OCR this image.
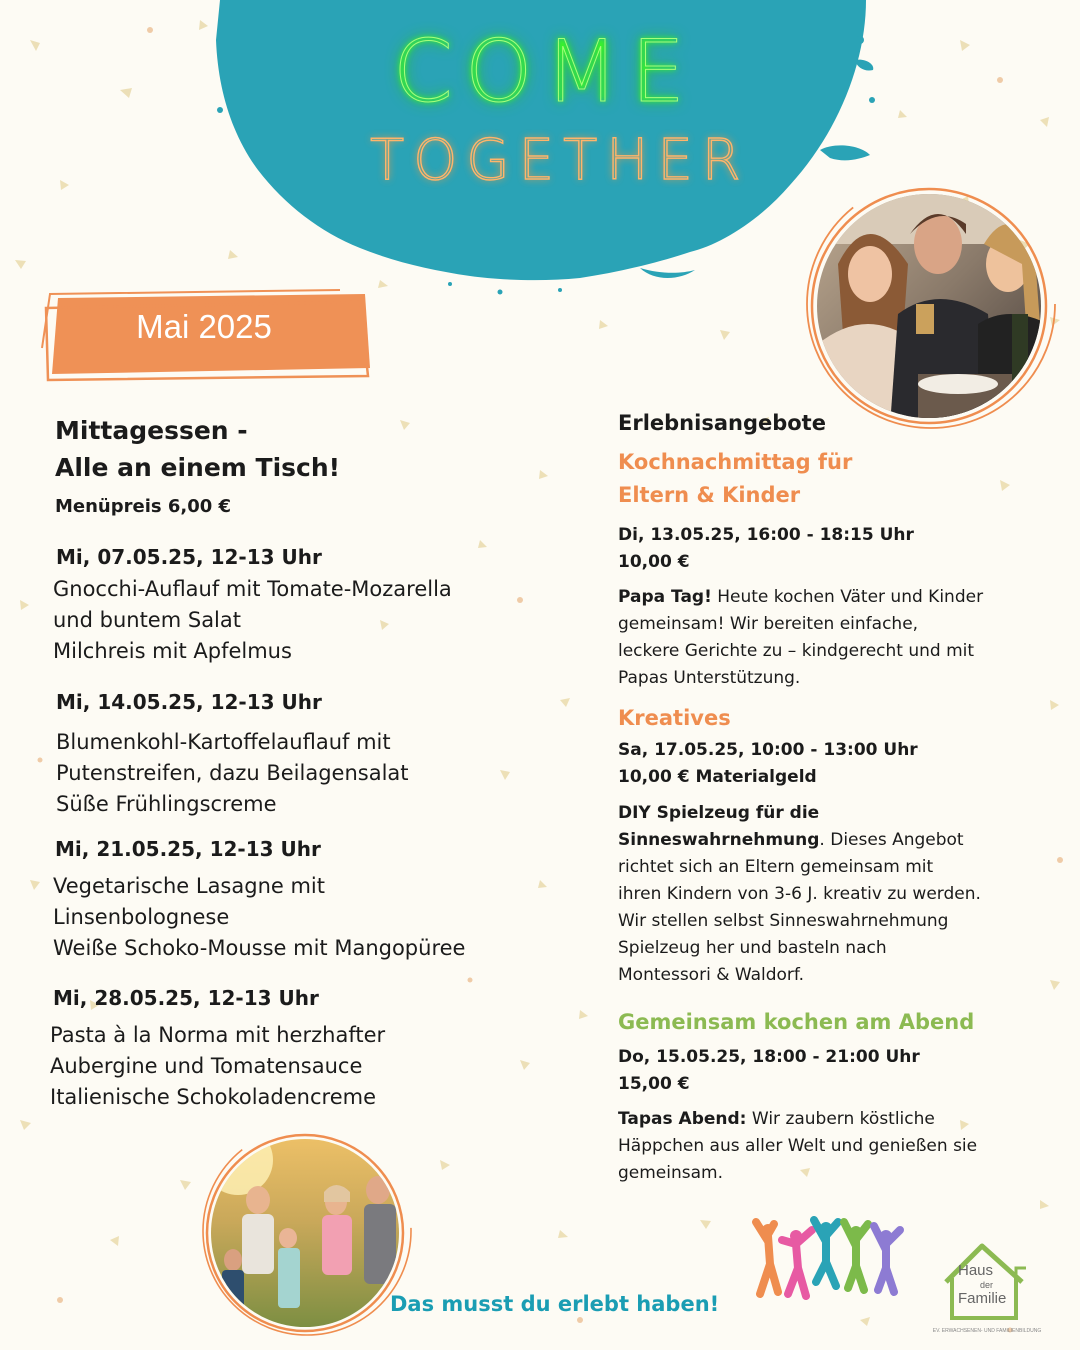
COME
TOGETHER
Mai 2025
Mittagessen -
Alle an einem Tisch!
Menüpreis 6,00 €
Mi, 07.05.25, 12-13 Uhr
Gnocchi-Auflauf mit Tomate-Mozarella
und buntem Salat
Milchreis mit Apfelmus
Mi, 14.05.25, 12-13 Uhr
Blumenkohl-Kartoffelauflauf mit
Putenstreifen, dazu Beilagensalat
Süße Frühlingscreme
Mi, 21.05.25, 12-13 Uhr
Vegetarische Lasagne mit
Linsenbolognese
Weiße Schoko-Mousse mit Mangopüree
Mi, 28.05.25, 12-13 Uhr
Pasta à la Norma mit herzhafter
Aubergine und Tomatensauce
Italienische Schokoladencreme
Erlebnisangebote
Kochnachmittag für
Eltern & Kinder
Di, 13.05.25, 16:00 - 18:15 Uhr
10,00 €
Papa Tag! Heute kochen Väter und Kinder
gemeinsam! Wir bereiten einfache,
leckere Gerichte zu – kindgerecht und mit
Papas Unterstützung.
Kreatives
Sa, 17.05.25, 10:00 - 13:00 Uhr
10,00 € Materialgeld
DIY Spielzeug für die
Sinneswahrnehmung. Dieses Angebot
richtet sich an Eltern gemeinsam mit
ihren Kindern von 3-6 J. kreativ zu werden.
Wir stellen selbst Sinneswahrnehmung
Spielzeug her und basteln nach
Montessori & Waldorf.
Gemeinsam kochen am Abend
Do, 15.05.25, 18:00 - 21:00 Uhr
15,00 €
Tapas Abend: Wir zaubern köstliche
Häppchen aus aller Welt und genießen sie
gemeinsam.
Das musst du erlebt haben!
Haus
der
Familie
EV. ERWACHSENEN- UND FAMILIENBILDUNG
